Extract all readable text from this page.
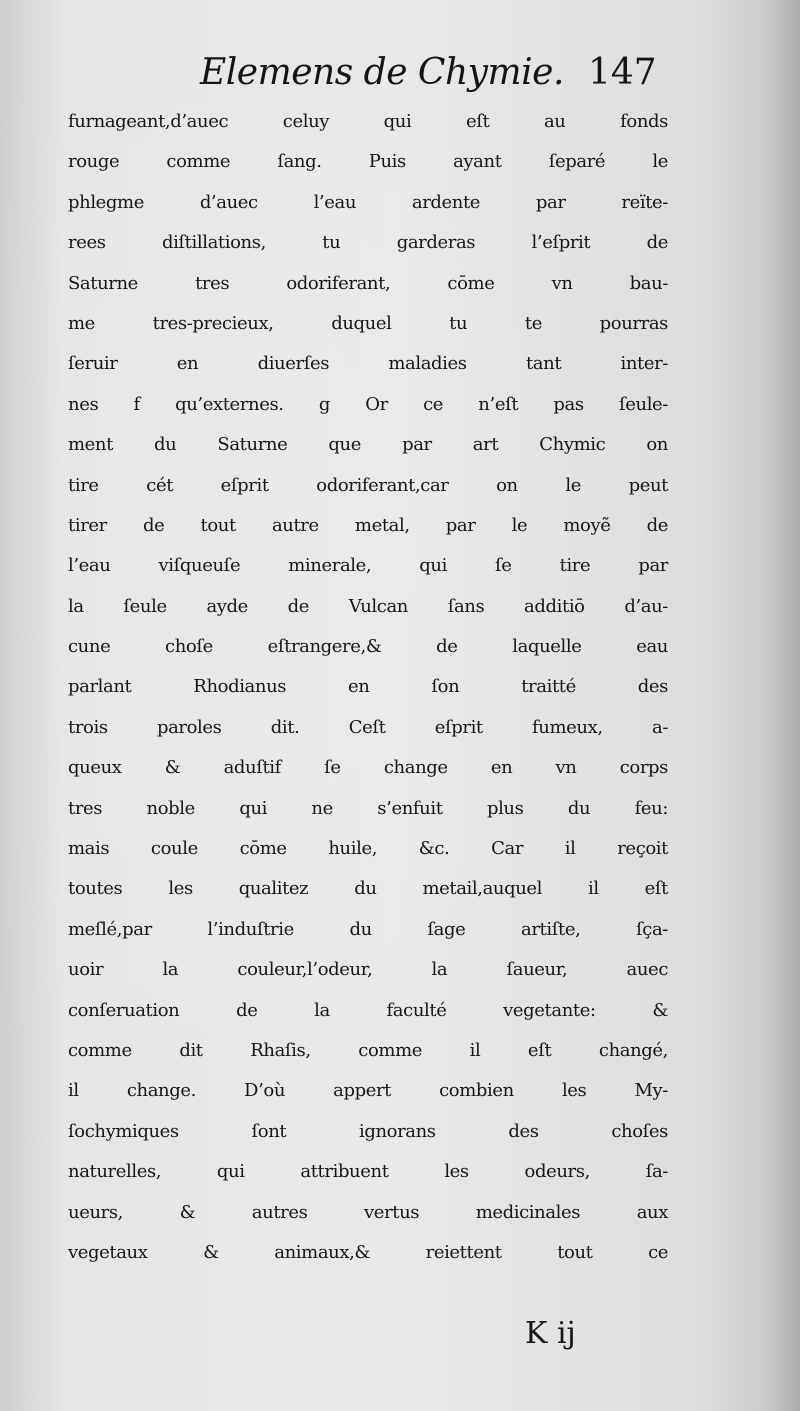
Elemens de Chymie. 147
furnageant,d’auec celuy qui eſt au fonds
rouge comme ſang. Puis ayant ſeparé le
phlegme d’auec l’eau ardente par reïte-
rees diſtillations, tu garderas l’eſprit de
Saturne tres odoriferant, cōme vn bau-
me tres-precieux, duquel tu te pourras
ſeruir en diuerſes maladies tant inter-
nes f qu’externes. g Or ce n’eſt pas ſeule-
ment du Saturne que par art Chymic on
tire cét eſprit odoriferant,car on le peut
tirer de tout autre metal, par le moyẽ de
l’eau viſqueuſe minerale, qui ſe tire par
la ſeule ayde de Vulcan ſans additiō d’au-
cune choſe eſtrangere,& de laquelle eau
parlant Rhodianus en ſon traitté des
trois paroles dit. Ceſt eſprit fumeux, a-
queux & aduſtif ſe change en vn corps
tres noble qui ne s’enfuit plus du feu:
mais coule cōme huile, &c. Car il reçoit
toutes les qualitez du metail,auquel il eſt
meſlé,par l’induſtrie du ſage artiſte, ſça-
uoir la couleur,l’odeur, la ſaueur, auec
conſeruation de la faculté vegetante: &
comme dit Rhaſis, comme il eſt changé,
il change. D’où appert combien les My-
ſochymiques ſont ignorans des choſes
naturelles, qui attribuent les odeurs, ſa-
ueurs, & autres vertus medicinales aux
vegetaux & animaux,& reiettent tout ce
K ij
